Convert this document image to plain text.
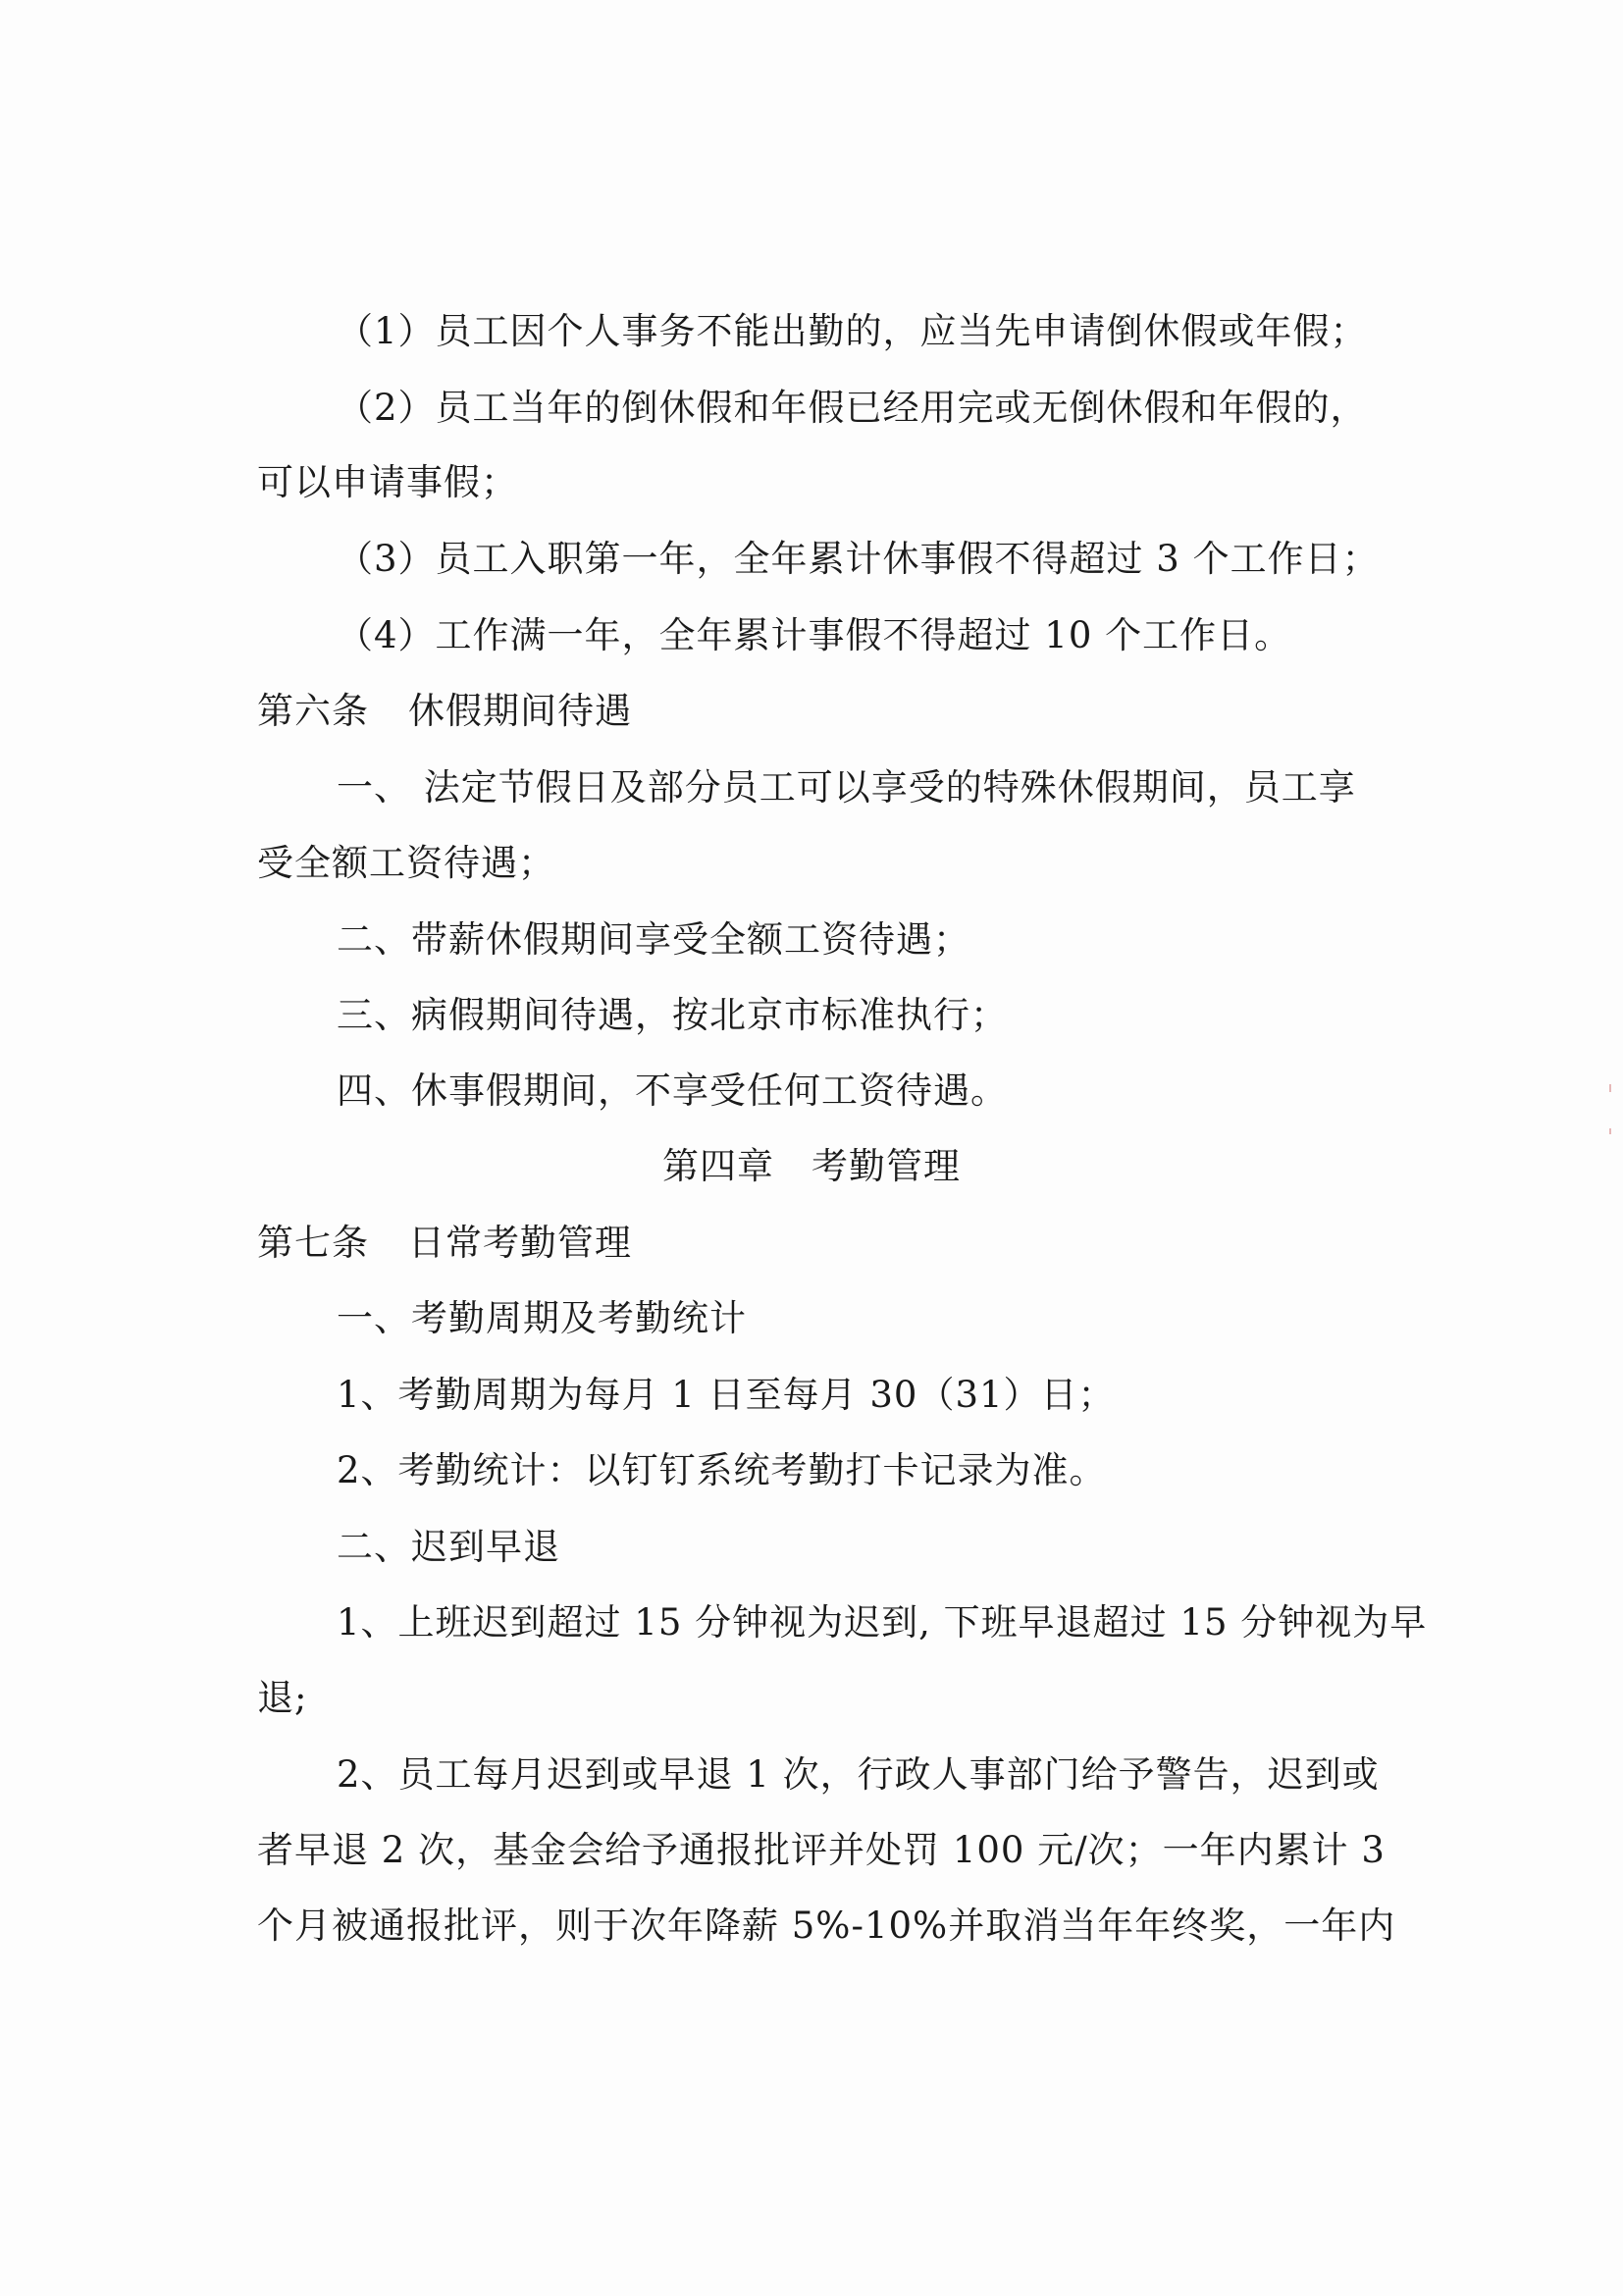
（1）员工因个人事务不能出勤的，应当先申请倒休假或年假；
（2）员工当年的倒休假和年假已经用完或无倒休假和年假的，
可以申请事假；
（3）员工入职第一年，全年累计休事假不得超过 3 个工作日；
（4）工作满一年，全年累计事假不得超过 10 个工作日。
第六条 休假期间待遇
一、 法定节假日及部分员工可以享受的特殊休假期间，员工享
受全额工资待遇；
二、带薪休假期间享受全额工资待遇；
三、病假期间待遇，按北京市标准执行；
四、休事假期间，不享受任何工资待遇。
第四章　考勤管理
第七条 日常考勤管理
一、考勤周期及考勤统计
1、考勤周期为每月 1 日至每月 30（31）日；
2、考勤统计：以钉钉系统考勤打卡记录为准。
二、迟到早退
1、上班迟到超过 15 分钟视为迟到, 下班早退超过 15 分钟视为早
退;
2、员工每月迟到或早退 1 次，行政人事部门给予警告，迟到或
者早退 2 次，基金会给予通报批评并处罚 100 元/次；一年内累计 3
个月被通报批评，则于次年降薪 5%-10%并取消当年年终奖，一年内
